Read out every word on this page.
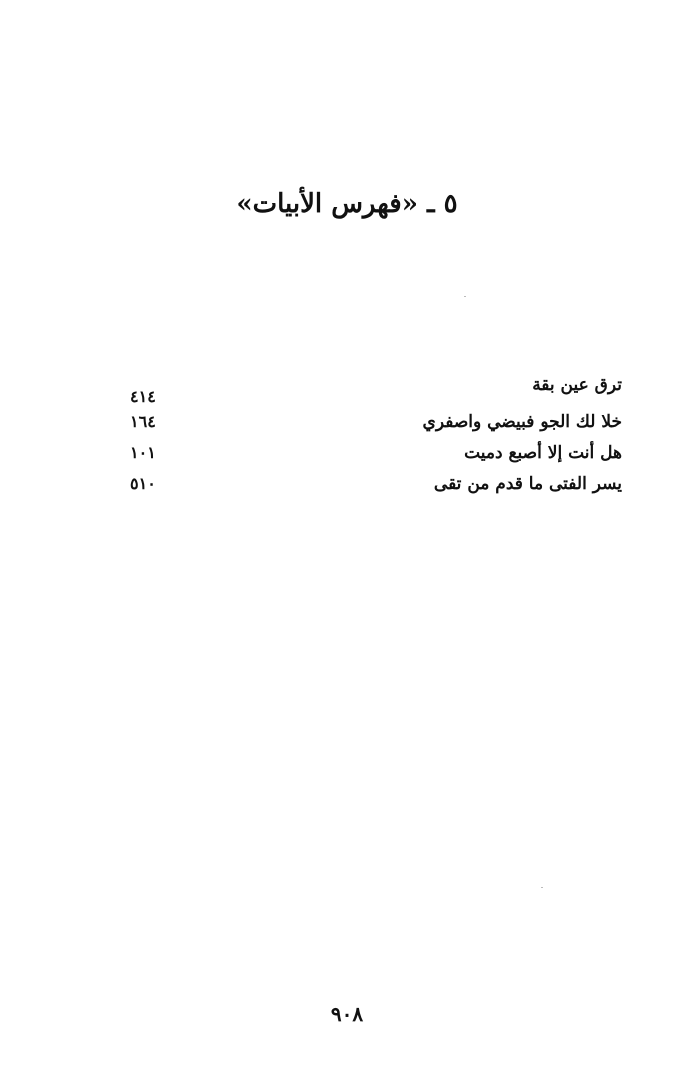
٥ ـ «فهرس الأبيات»
ترق عين بقة
٤١٤
خلا لك الجو فبيضي واصفري
١٦٤
هل أنت إلا أصبع دميت
١٠١
يسر الفتى ما قدم من تقى
٥١٠
٩٠٨
